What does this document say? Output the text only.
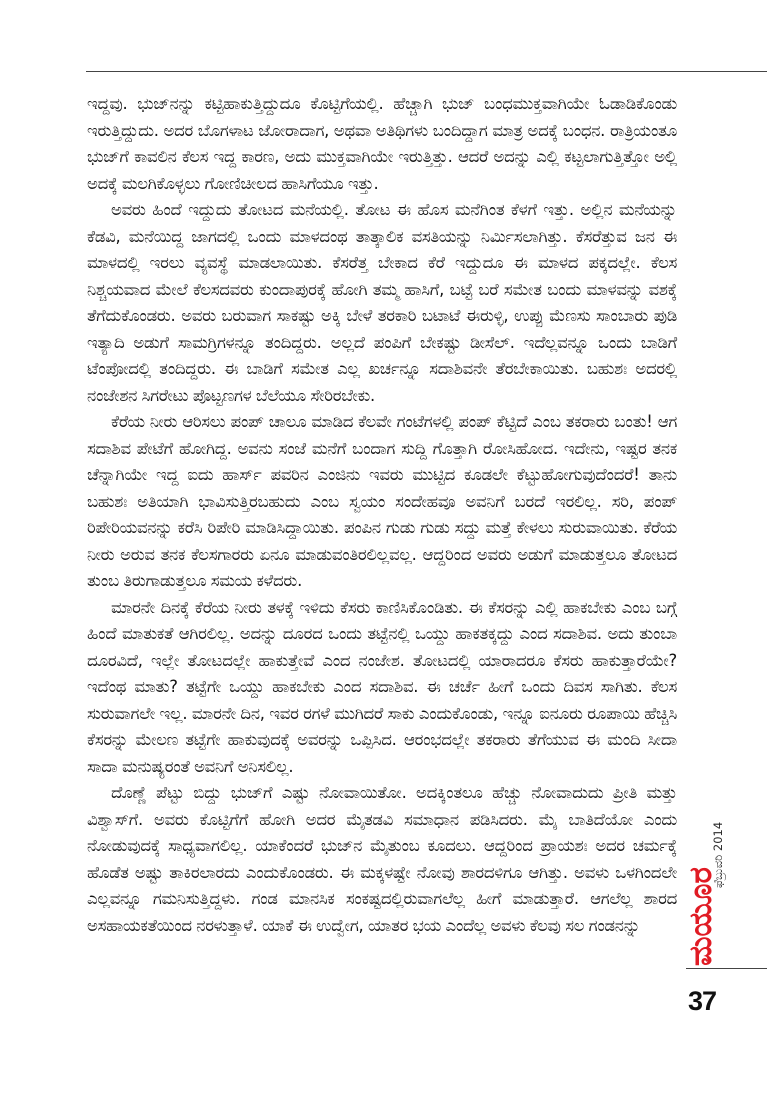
ಇದ್ದವು. ಭುಜ್‌ನನ್ನು ಕಟ್ಟಿಹಾಕುತ್ತಿದ್ದುದೂ ಕೊಟ್ಟಿಗೆಯಲ್ಲಿ. ಹೆಚ್ಚಾಗಿ ಭುಜ್ ಬಂಧಮುಕ್ತವಾಗಿಯೇ ಓಡಾಡಿಕೊಂಡು ಇರುತ್ತಿದ್ದುದು. ಅದರ ಬೊಗಳಾಟ ಜೋರಾದಾಗ, ಅಥವಾ ಅತಿಥಿಗಳು ಬಂದಿದ್ದಾಗ ಮಾತ್ರ ಅದಕ್ಕೆ ಬಂಧನ. ರಾತ್ರಿಯಂತೂ ಭುಜ್‌ಗೆ ಕಾವಲಿನ ಕೆಲಸ ಇದ್ದ ಕಾರಣ, ಅದು ಮುಕ್ತವಾಗಿಯೇ ಇರುತ್ತಿತ್ತು. ಆದರೆ ಅದನ್ನು ಎಲ್ಲಿ ಕಟ್ಟಲಾಗುತ್ತಿತ್ತೋ ಅಲ್ಲಿ ಅದಕ್ಕೆ ಮಲಗಿಕೊಳ್ಳಲು ಗೋಣಿಚೀಲದ ಹಾಸಿಗೆಯೂ ಇತ್ತು.

ಅವರು ಹಿಂದೆ ಇದ್ದುದು ತೋಟದ ಮನೆಯಲ್ಲಿ. ತೋಟ ಈ ಹೊಸ ಮನೆಗಿಂತ ಕೆಳಗೆ ಇತ್ತು. ಅಲ್ಲಿನ ಮನೆಯನ್ನು ಕೆಡವಿ, ಮನೆಯಿದ್ದ ಜಾಗದಲ್ಲಿ ಒಂದು ಮಾಳದಂಥ ತಾತ್ಕಾಲಿಕ ವಸತಿಯನ್ನು ನಿರ್ಮಿಸಲಾಗಿತ್ತು. ಕೆಸರೆತ್ತುವ ಜನ ಈ ಮಾಳದಲ್ಲಿ ಇರಲು ವ್ಯವಸ್ಥೆ ಮಾಡಲಾಯಿತು. ಕೆಸರೆತ್ತ ಬೇಕಾದ ಕೆರೆ ಇದ್ದುದೂ ಈ ಮಾಳದ ಪಕ್ಕದಲ್ಲೇ. ಕೆಲಸ ನಿಶ್ಚಯವಾದ ಮೇಲೆ ಕೆಲಸದವರು ಕುಂದಾಪುರಕ್ಕೆ ಹೋಗಿ ತಮ್ಮ ಹಾಸಿಗೆ, ಬಟ್ಟೆ ಬರೆ ಸಮೇತ ಬಂದು ಮಾಳವನ್ನು ವಶಕ್ಕೆ ತೆಗೆದುಕೊಂಡರು. ಅವರು ಬರುವಾಗ ಸಾಕಷ್ಟು ಅಕ್ಕಿ ಬೇಳೆ ತರಕಾರಿ ಬಟಾಟೆ ಈರುಳ್ಳಿ, ಉಪ್ಪು ಮೆಣಸು ಸಾಂಬಾರು ಪುಡಿ ಇತ್ಯಾದಿ ಅಡುಗೆ ಸಾಮಗ್ರಿಗಳನ್ನೂ ತಂದಿದ್ದರು. ಅಲ್ಲದೆ ಪಂಪಿಗೆ ಬೇಕಷ್ಟು ಡೀಸೆಲ್. ಇದೆಲ್ಲವನ್ನೂ ಒಂದು ಬಾಡಿಗೆ ಟೆಂಪೋದಲ್ಲಿ ತಂದಿದ್ದರು. ಈ ಬಾಡಿಗೆ ಸಮೇತ ಎಲ್ಲ ಖರ್ಚನ್ನೂ ಸದಾಶಿವನೇ ತೆರಬೇಕಾಯಿತು. ಬಹುಶಃ ಅದರಲ್ಲಿ ನಂಜೇಶನ ಸಿಗರೇಟು ಪೊಟ್ಟಣಗಳ ಬೆಲೆಯೂ ಸೇರಿರಬೇಕು.

ಕೆರೆಯ ನೀರು ಆರಿಸಲು ಪಂಪ್ ಚಾಲೂ ಮಾಡಿದ ಕೆಲವೇ ಗಂಟೆಗಳಲ್ಲಿ ಪಂಪ್ ಕೆಟ್ಟಿದೆ ಎಂಬ ತಕರಾರು ಬಂತು! ಆಗ ಸದಾಶಿವ ಪೇಟೆಗೆ ಹೋಗಿದ್ದ. ಅವನು ಸಂಜೆ ಮನೆಗೆ ಬಂದಾಗ ಸುದ್ದಿ ಗೊತ್ತಾಗಿ ರೋಸಿಹೋದ. ಇದೇನು, ಇಷ್ಟರ ತನಕ ಚೆನ್ನಾಗಿಯೇ ಇದ್ದ ಐದು ಹಾರ್ಸ್ ಪವರಿನ ಎಂಜಿನು ಇವರು ಮುಟ್ಟಿದ ಕೂಡಲೇ ಕೆಟ್ಟುಹೋಗುವುದೆಂದರೆ! ತಾನು ಬಹುಶಃ ಅತಿಯಾಗಿ ಭಾವಿಸುತ್ತಿರಬಹುದು ಎಂಬ ಸ್ವಯಂ ಸಂದೇಹವೂ ಅವನಿಗೆ ಬರದೆ ಇರಲಿಲ್ಲ. ಸರಿ, ಪಂಪ್ ರಿಪೇರಿಯವನನ್ನು ಕರೆಸಿ ರಿಪೇರಿ ಮಾಡಿಸಿದ್ದಾಯಿತು. ಪಂಪಿನ ಗುಡು ಗುಡು ಸದ್ದು ಮತ್ತೆ ಕೇಳಲು ಸುರುವಾಯಿತು. ಕೆರೆಯ ನೀರು ಅರುವ ತನಕ ಕೆಲಸಗಾರರು ಏನೂ ಮಾಡುವಂತಿರಲಿಲ್ಲವಲ್ಲ. ಆದ್ದರಿಂದ ಅವರು ಅಡುಗೆ ಮಾಡುತ್ತಲೂ ತೋಟದ ತುಂಬ ತಿರುಗಾಡುತ್ತಲೂ ಸಮಯ ಕಳೆದರು.

ಮಾರನೇ ದಿನಕ್ಕೆ ಕೆರೆಯ ನೀರು ತಳಕ್ಕೆ ಇಳಿದು ಕೆಸರು ಕಾಣಿಸಿಕೊಂಡಿತು. ಈ ಕೆಸರನ್ನು ಎಲ್ಲಿ ಹಾಕಬೇಕು ಎಂಬ ಬಗ್ಗೆ ಹಿಂದೆ ಮಾತುಕತೆ ಆಗಿರಲಿಲ್ಲ. ಅದನ್ನು ದೂರದ ಒಂದು ತಟ್ಟೆನಲ್ಲಿ ಒಯ್ದು ಹಾಕತಕ್ಕದ್ದು ಎಂದ ಸದಾಶಿವ. ಅದು ತುಂಬಾ ದೂರವಿದೆ, ಇಲ್ಲೇ ತೋಟದಲ್ಲೇ ಹಾಕುತ್ತೇವೆ ಎಂದ ನಂಜೇಶ. ತೋಟದಲ್ಲಿ ಯಾರಾದರೂ ಕೆಸರು ಹಾಕುತ್ತಾರೆಯೇ? ಇದೆಂಥ ಮಾತು? ತಟ್ಟೆಗೇ ಒಯ್ದು ಹಾಕಬೇಕು ಎಂದ ಸದಾಶಿವ. ಈ ಚರ್ಚೆ ಹೀಗೆ ಒಂದು ದಿವಸ ಸಾಗಿತು. ಕೆಲಸ ಸುರುವಾಗಲೇ ಇಲ್ಲ. ಮಾರನೇ ದಿನ, ಇವರ ರಗಳೆ ಮುಗಿದರೆ ಸಾಕು ಎಂದುಕೊಂಡು, ಇನ್ನೂ ಐನೂರು ರೂಪಾಯಿ ಹೆಚ್ಚಿಸಿ ಕೆಸರನ್ನು ಮೇಲಣ ತಟ್ಟೆಗೇ ಹಾಕುವುದಕ್ಕೆ ಅವರನ್ನು ಒಪ್ಪಿಸಿದ. ಆರಂಭದಲ್ಲೇ ತಕರಾರು ತೆಗೆಯುವ ಈ ಮಂದಿ ಸೀದಾ ಸಾದಾ ಮನುಷ್ಯರಂತೆ ಅವನಿಗೆ ಅನಿಸಲಿಲ್ಲ.

ದೊಣ್ಣೆ ಪೆಟ್ಟು ಬಿದ್ದು ಭುಜ್‌ಗೆ ಎಷ್ಟು ನೋವಾಯಿತೋ. ಅದಕ್ಕಿಂತಲೂ ಹೆಚ್ಚು ನೋವಾದುದು ಪ್ರೀತಿ ಮತ್ತು ವಿಶ್ವಾಸ್‌ಗೆ. ಅವರು ಕೊಟ್ಟಿಗೆಗೆ ಹೋಗಿ ಅದರ ಮೈತಡವಿ ಸಮಾಧಾನ ಪಡಿಸಿದರು. ಮೈ ಬಾತಿದೆಯೋ ಎಂದು ನೋಡುವುದಕ್ಕೆ ಸಾಧ್ಯವಾಗಲಿಲ್ಲ. ಯಾಕೆಂದರೆ ಭುಜ್‌ನ ಮೈತುಂಬ ಕೂದಲು. ಆದ್ದರಿಂದ ಪ್ರಾಯಶಃ ಅದರ ಚರ್ಮಕ್ಕೆ ಹೊಡೆತ ಅಷ್ಟು ತಾಕಿರಲಾರದು ಎಂದುಕೊಂಡರು. ಈ ಮಕ್ಕಳಷ್ಟೇ ನೋವು ಶಾರದಳಿಗೂ ಆಗಿತ್ತು. ಅವಳು ಒಳಗಿಂದಲೇ ಎಲ್ಲವನ್ನೂ ಗಮನಿಸುತ್ತಿದ್ದಳು. ಗಂಡ ಮಾನಸಿಕ ಸಂಕಷ್ಟದಲ್ಲಿರುವಾಗಲೆಲ್ಲ ಹೀಗೆ ಮಾಡುತ್ತಾರೆ. ಆಗಲೆಲ್ಲ ಶಾರದ ಅಸಹಾಯಕತೆಯಿಂದ ನರಳುತ್ತಾಳೆ. ಯಾಕೆ ಈ ಉದ್ವೇಗ, ಯಾತರ ಭಯ ಎಂದೆಲ್ಲ ಅವಳು ಕೆಲವು ಸಲ ಗಂಡನನ್ನು	ಮಯೂರ
ಫೆಬ್ರುವರಿ 2014
37
